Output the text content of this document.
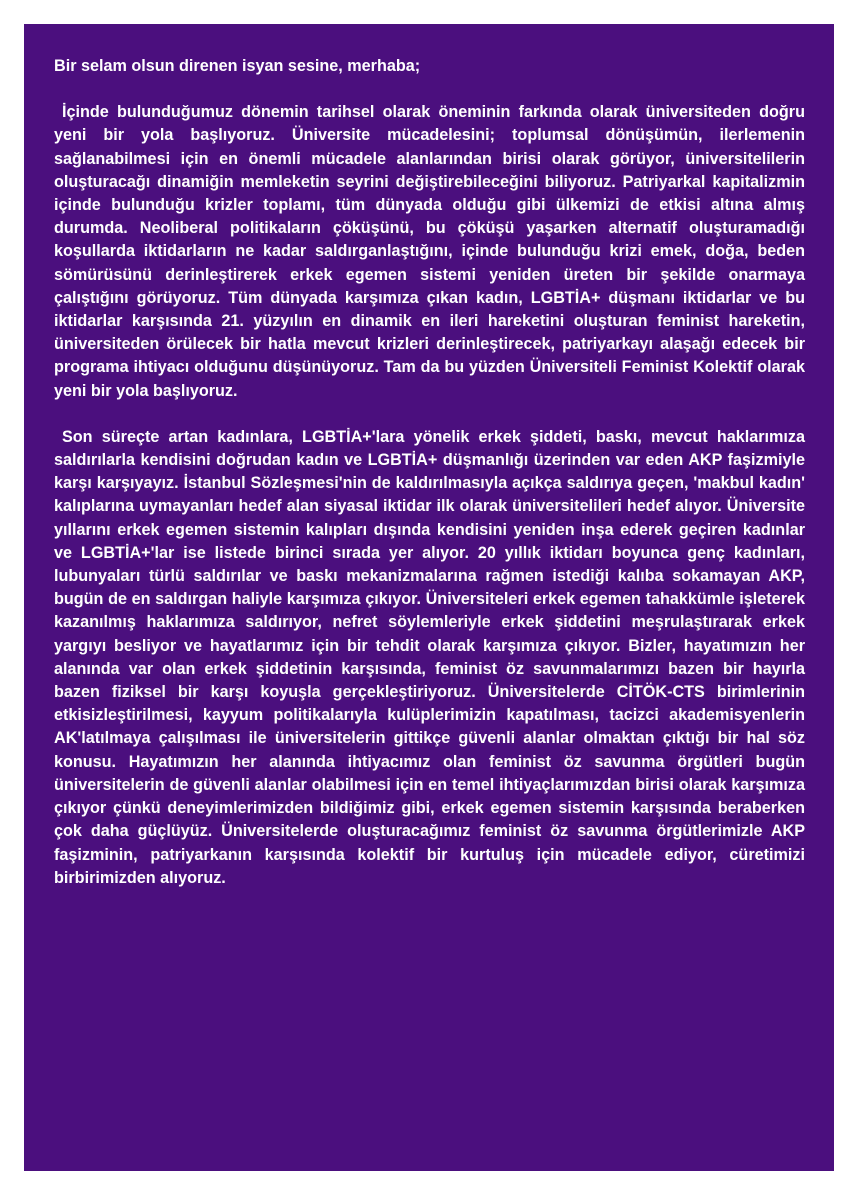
Bir selam olsun direnen isyan sesine, merhaba;

İçinde bulunduğumuz dönemin tarihsel olarak öneminin farkında olarak üniversiteden doğru yeni bir yola başlıyoruz. Üniversite mücadelesini; toplumsal dönüşümün, ilerlemenin sağlanabilmesi için en önemli mücadele alanlarından birisi olarak görüyor, üniversitelilerin oluşturacağı dinamiğin memleketin seyrini değiştirebileceğini biliyoruz. Patriyarkal kapitalizmin içinde bulunduğu krizler toplamı, tüm dünyada olduğu gibi ülkemizi de etkisi altına almış durumda. Neoliberal politikaların çöküşünü, bu çöküşü yaşarken alternatif oluşturamadığı koşullarda iktidarların ne kadar saldırganlaştığını, içinde bulunduğu krizi emek, doğa, beden sömürüsünü derinleştirerek erkek egemen sistemi yeniden üreten bir şekilde onarmaya çalıştığını görüyoruz. Tüm dünyada karşımıza çıkan kadın, LGBTİA+ düşmanı iktidarlar ve bu iktidarlar karşısında 21. yüzyılın en dinamik en ileri hareketini oluşturan feminist hareketin, üniversiteden örülecek bir hatla mevcut krizleri derinleştirecek, patriyarkayı alaşağı edecek bir programa ihtiyacı olduğunu düşünüyoruz. Tam da bu yüzden Üniversiteli Feminist Kolektif olarak yeni bir yola başlıyoruz.

Son süreçte artan kadınlara, LGBTİA+'lara yönelik erkek şiddeti, baskı, mevcut haklarımıza saldırılarla kendisini doğrudan kadın ve LGBTİA+ düşmanlığı üzerinden var eden AKP faşizmiyle karşı karşıyayız. İstanbul Sözleşmesi'nin de kaldırılmasıyla açıkça saldırıya geçen, 'makbul kadın' kalıplarına uymayanları hedef alan siyasal iktidar ilk olarak üniversitelileri hedef alıyor. Üniversite yıllarını erkek egemen sistemin kalıpları dışında kendisini yeniden inşa ederek geçiren kadınlar ve LGBTİA+'lar ise listede birinci sırada yer alıyor. 20 yıllık iktidarı boyunca genç kadınları, lubunyaları türlü saldırılar ve baskı mekanizmalarına rağmen istediği kalıba sokamayan AKP, bugün de en saldırgan haliyle karşımıza çıkıyor. Üniversiteleri erkek egemen tahakkümle işleterek kazanılmış haklarımıza saldırıyor, nefret söylemleriyle erkek şiddetini meşrulaştırarak erkek yargıyı besliyor ve hayatlarımız için bir tehdit olarak karşımıza çıkıyor. Bizler, hayatımızın her alanında var olan erkek şiddetinin karşısında, feminist öz savunmalarımızı bazen bir hayırla bazen fiziksel bir karşı koyuşla gerçekleştiriyoruz. Üniversitelerde CİTÖK-CTS birimlerinin etkisizleştirilmesi, kayyum politikalarıyla kulüplerimizin kapatılması, tacizci akademisyenlerin AK'latılmaya çalışılması ile üniversitelerin gittikçe güvenli alanlar olmaktan çıktığı bir hal söz konusu. Hayatımızın her alanında ihtiyacımız olan feminist öz savunma örgütleri bugün üniversitelerin de güvenli alanlar olabilmesi için en temel ihtiyaçlarımızdan birisi olarak karşımıza çıkıyor çünkü deneyimlerimizden bildiğimiz gibi, erkek egemen sistemin karşısında beraberken çok daha güçlüyüz. Üniversitelerde oluşturacağımız feminist öz savunma örgütlerimizle AKP faşizminin, patriyarkanın karşısında kolektif bir kurtuluş için mücadele ediyor, cüretimizi birbirimizden alıyoruz.
